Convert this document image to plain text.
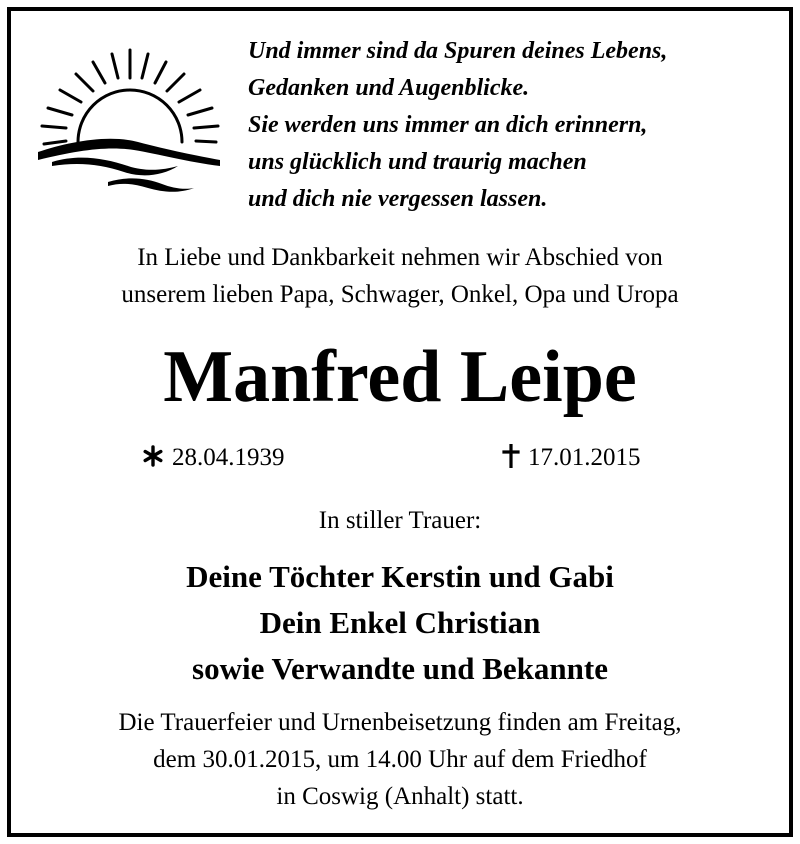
Und immer sind da Spuren deines Lebens,
Gedanken und Augenblicke.
Sie werden uns immer an dich erinnern,
uns glücklich und traurig machen
und dich nie vergessen lassen.
In Liebe und Dankbarkeit nehmen wir Abschied von
unserem lieben Papa, Schwager, Onkel, Opa und Uropa
Manfred Leipe
28.04.1939	17.01.2015
In stiller Trauer:
Deine Töchter Kerstin und Gabi
Dein Enkel Christian
sowie Verwandte und Bekannte
Die Trauerfeier und Urnenbeisetzung finden am Freitag,
dem 30.01.2015, um 14.00 Uhr auf dem Friedhof
in Coswig (Anhalt) statt.
